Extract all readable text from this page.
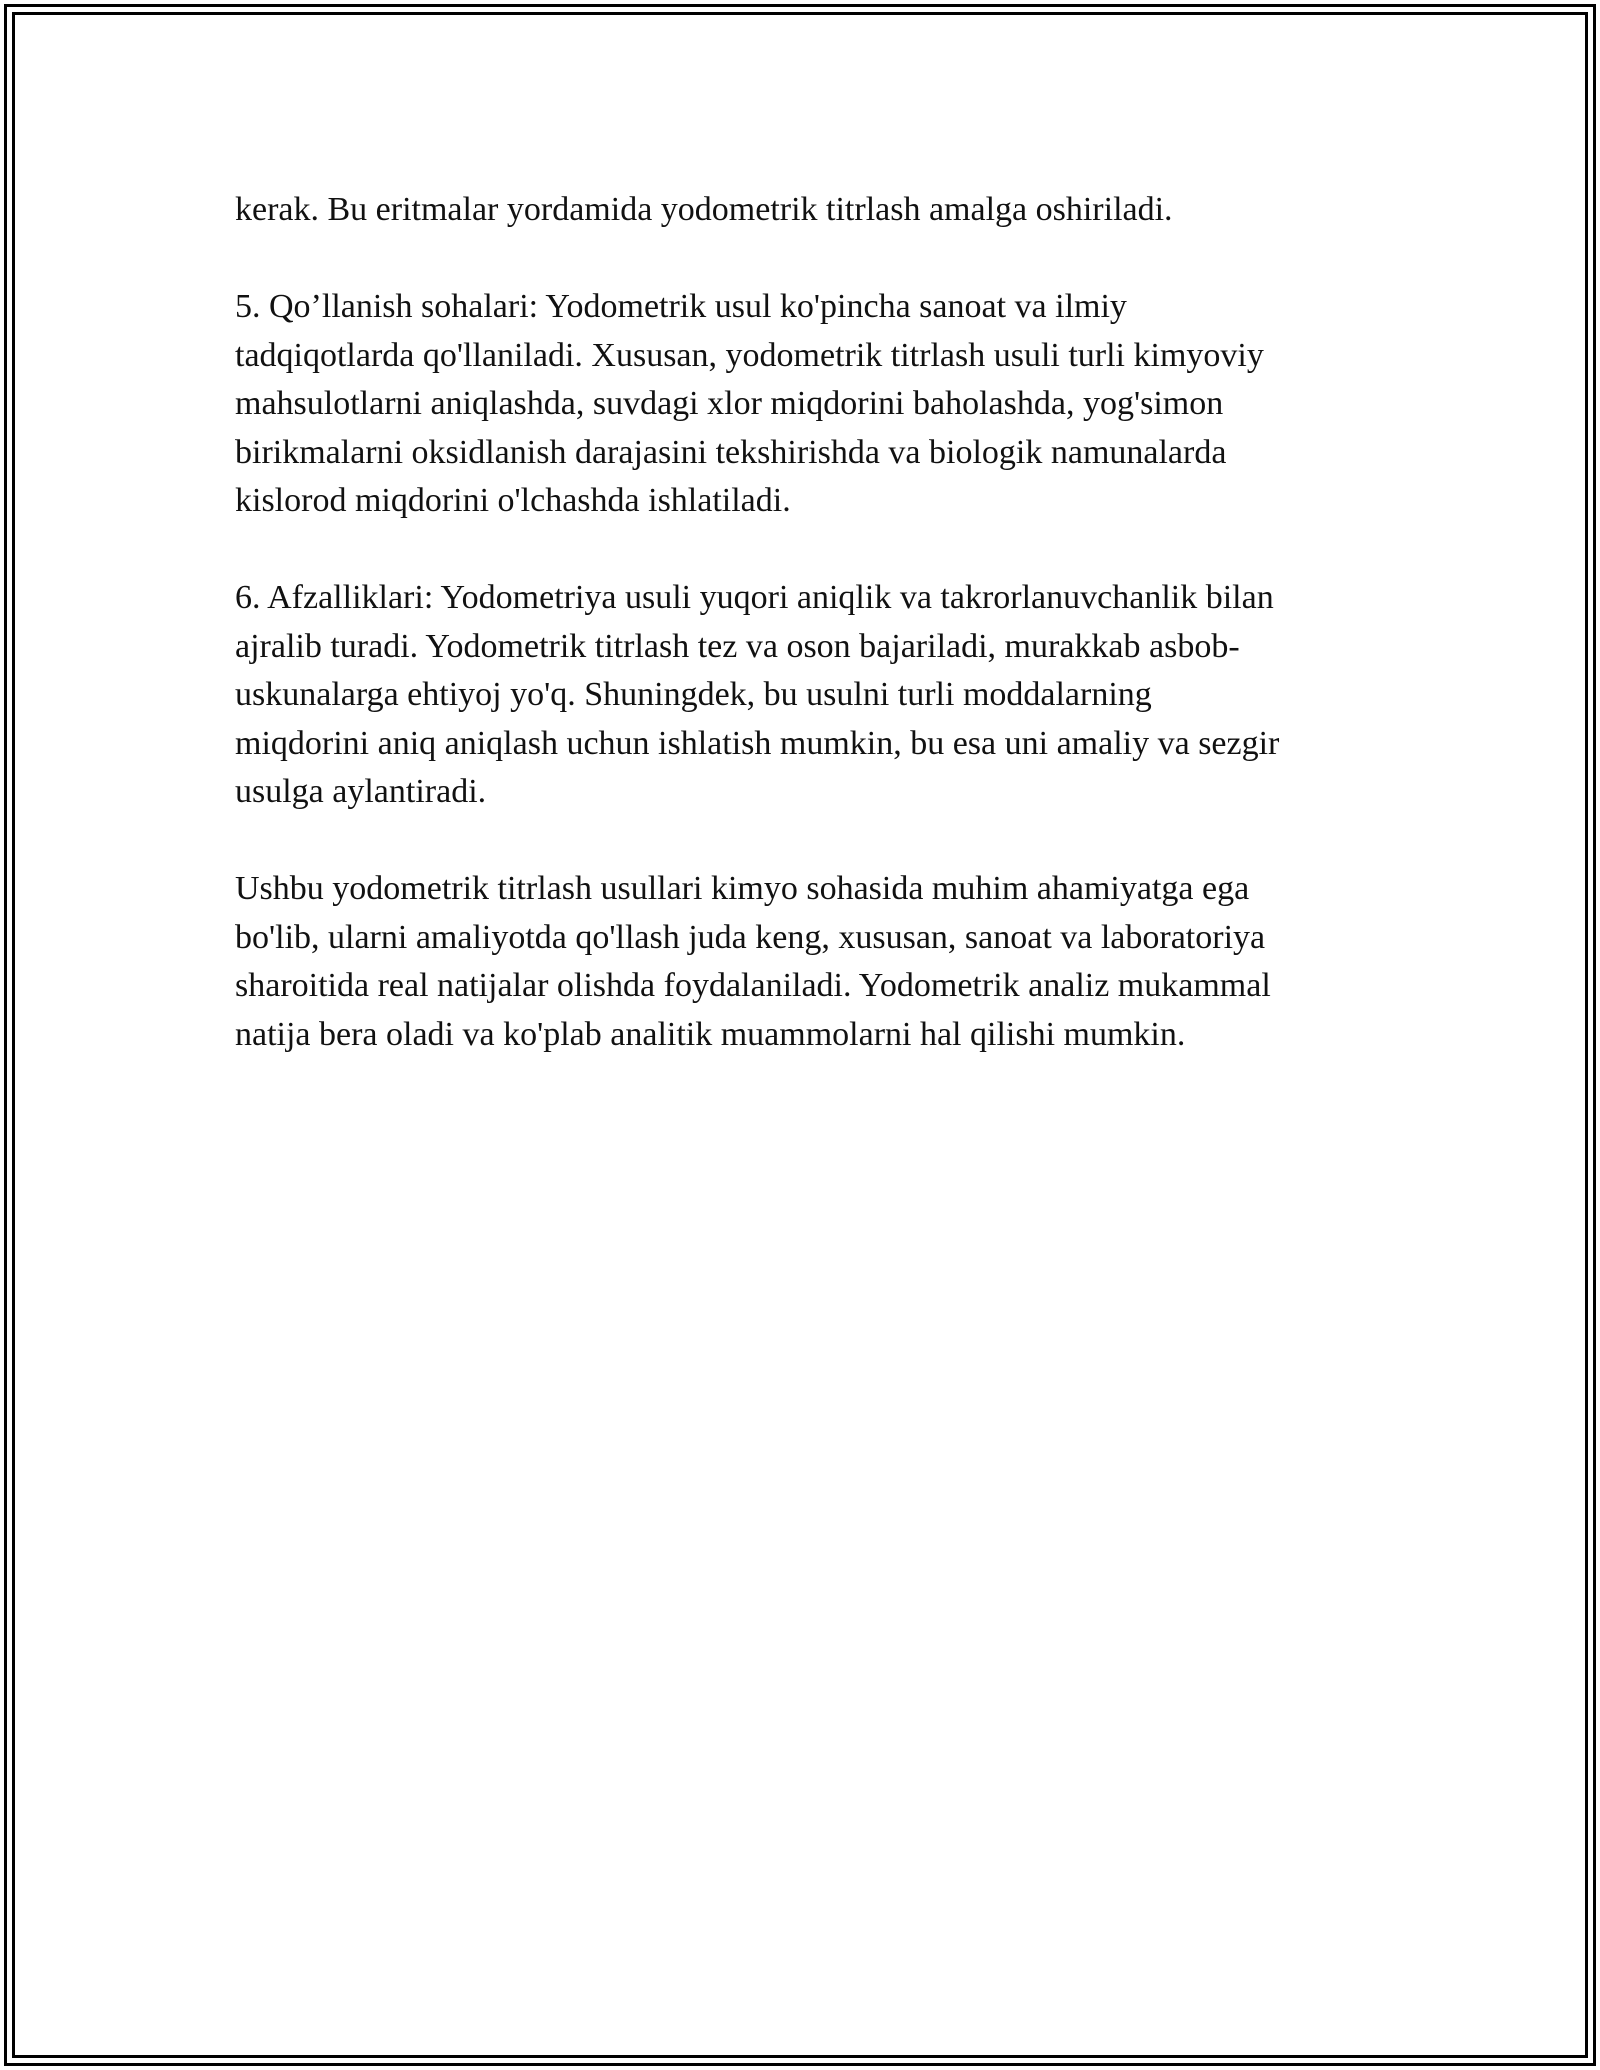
kerak. Bu eritmalar yordamida yodometrik titrlash amalga oshiriladi.

5. Qo’llanish sohalari: Yodometrik usul ko'pincha sanoat va ilmiy
tadqiqotlarda qo'llaniladi. Xususan, yodometrik titrlash usuli turli kimyoviy
mahsulotlarni aniqlashda, suvdagi xlor miqdorini baholashda, yog'simon
birikmalarni oksidlanish darajasini tekshirishda va biologik namunalarda
kislorod miqdorini o'lchashda ishlatiladi.

6. Afzalliklari: Yodometriya usuli yuqori aniqlik va takrorlanuvchanlik bilan
ajralib turadi. Yodometrik titrlash tez va oson bajariladi, murakkab asbob-
uskunalarga ehtiyoj yo'q. Shuningdek, bu usulni turli moddalarning
miqdorini aniq aniqlash uchun ishlatish mumkin, bu esa uni amaliy va sezgir
usulga aylantiradi.

Ushbu yodometrik titrlash usullari kimyo sohasida muhim ahamiyatga ega
bo'lib, ularni amaliyotda qo'llash juda keng, xususan, sanoat va laboratoriya
sharoitida real natijalar olishda foydalaniladi. Yodometrik analiz mukammal
natija bera oladi va ko'plab analitik muammolarni hal qilishi mumkin.
